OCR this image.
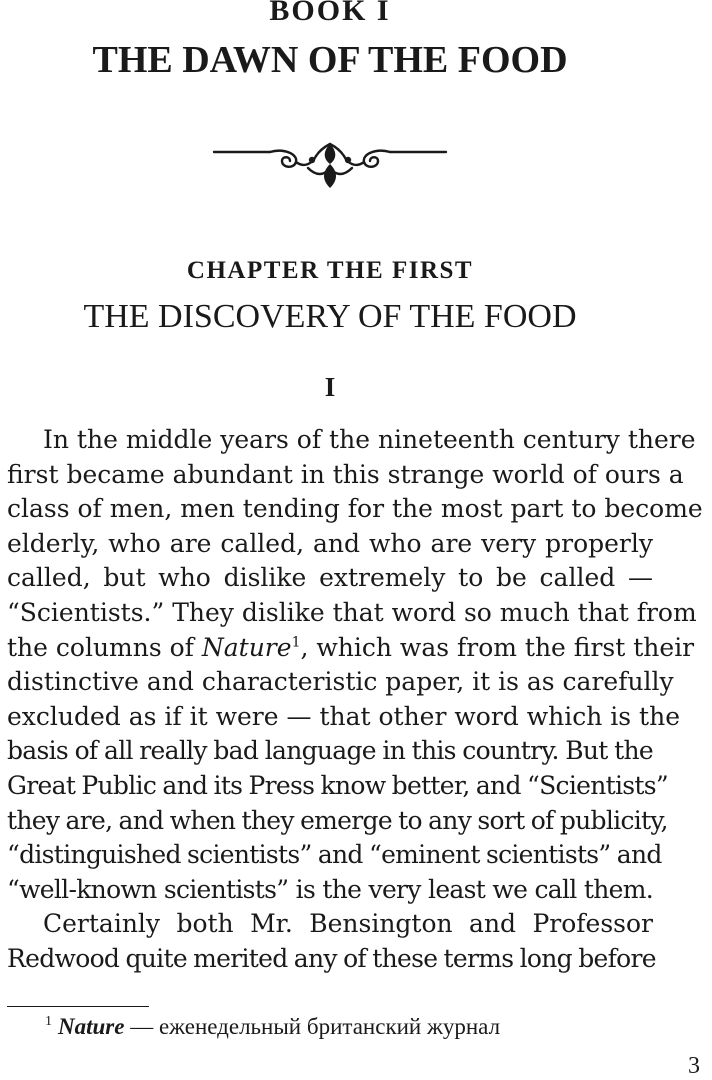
BOOK I
THE DAWN OF THE FOOD
CHAPTER THE FIRST
THE DISCOVERY OF THE FOOD
I
In the middle years of the nineteenth century there
first became abundant in this strange world of ours a
class of men, men tending for the most part to become
elderly, who are called, and who are very properly
called, but who dislike extremely to be called —
“Scientists.” They dislike that word so much that from
the columns of Nature$^1$, which was from the first their
distinctive and characteristic paper, it is as carefully
excluded as if it were — that other word which is the
basis of all really bad language in this country. But the
Great Public and its Press know better, and “Scientists”
they are, and when they emerge to any sort of publicity,
“distinguished scientists” and “eminent scientists” and
“well-known scientists” is the very least we call them.
Certainly both Mr. Bensington and Professor
Redwood quite merited any of these terms long before
$^1$ Nature — еженедельный британский журнал
3
